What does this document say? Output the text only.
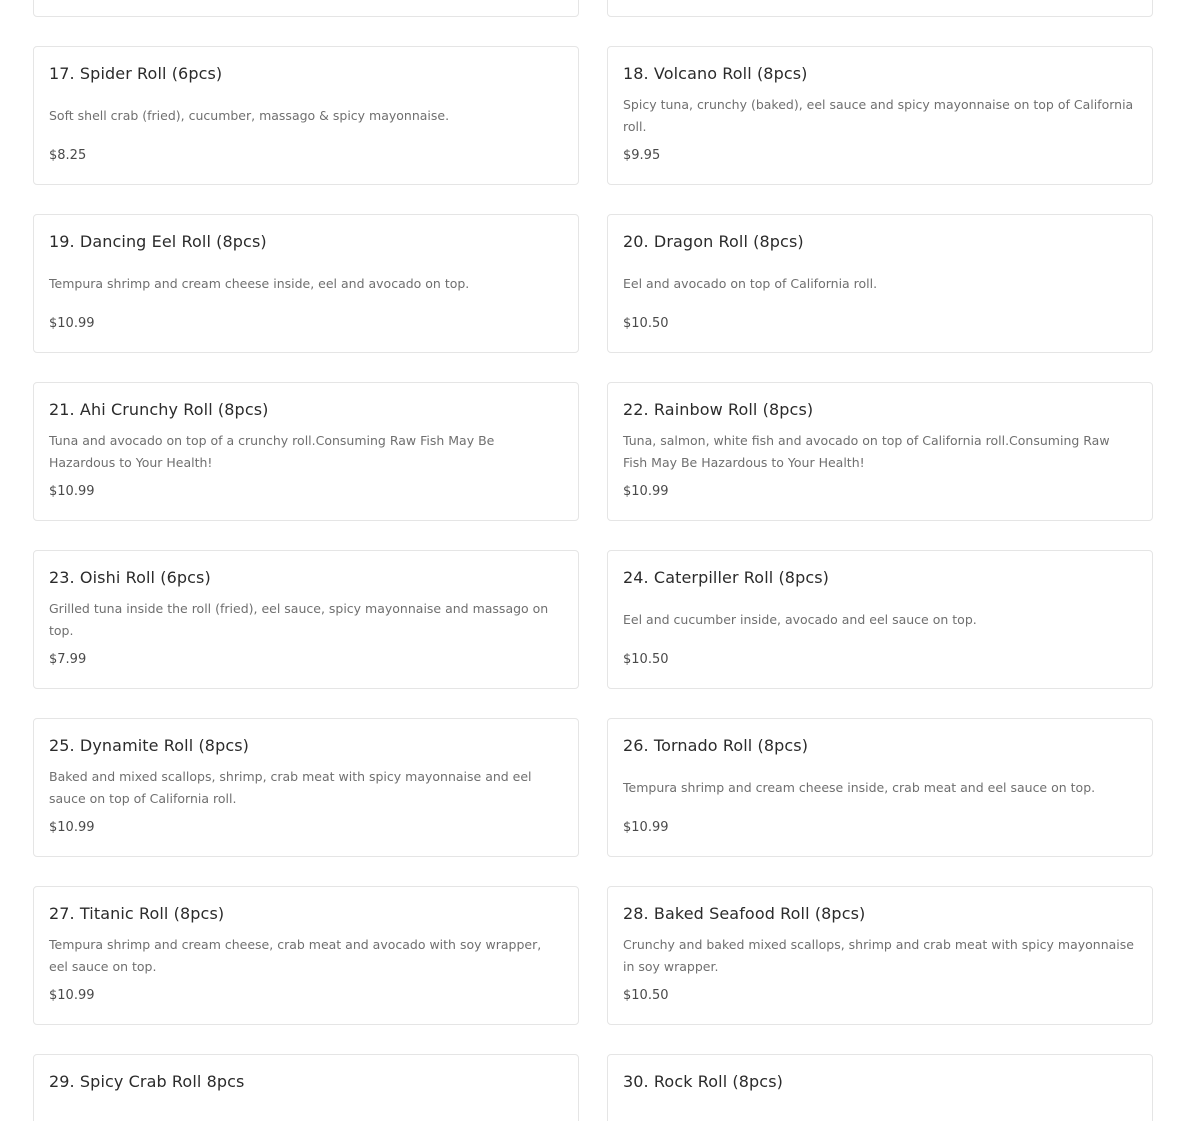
17. Spider Roll (6pcs)
Soft shell crab (fried), cucumber, massago & spicy mayonnaise.
$8.25
18. Volcano Roll (8pcs)
Spicy tuna, crunchy (baked), eel sauce and spicy mayonnaise on top of California roll.
$9.95
19. Dancing Eel Roll (8pcs)
Tempura shrimp and cream cheese inside, eel and avocado on top.
$10.99
20. Dragon Roll (8pcs)
Eel and avocado on top of California roll.
$10.50
21. Ahi Crunchy Roll (8pcs)
Tuna and avocado on top of a crunchy roll.Consuming Raw Fish May Be Hazardous to Your Health!
$10.99
22. Rainbow Roll (8pcs)
Tuna, salmon, white fish and avocado on top of California roll.Consuming Raw Fish May Be Hazardous to Your Health!
$10.99
23. Oishi Roll (6pcs)
Grilled tuna inside the roll (fried), eel sauce, spicy mayonnaise and massago on top.
$7.99
24. Caterpiller Roll (8pcs)
Eel and cucumber inside, avocado and eel sauce on top.
$10.50
25. Dynamite Roll (8pcs)
Baked and mixed scallops, shrimp, crab meat with spicy mayonnaise and eel sauce on top of California roll.
$10.99
26. Tornado Roll (8pcs)
Tempura shrimp and cream cheese inside, crab meat and eel sauce on top.
$10.99
27. Titanic Roll (8pcs)
Tempura shrimp and cream cheese, crab meat and avocado with soy wrapper, eel sauce on top.
$10.99
28. Baked Seafood Roll (8pcs)
Crunchy and baked mixed scallops, shrimp and crab meat with spicy mayonnaise in soy wrapper.
$10.50
29. Spicy Crab Roll 8pcs	30. Rock Roll (8pcs)
